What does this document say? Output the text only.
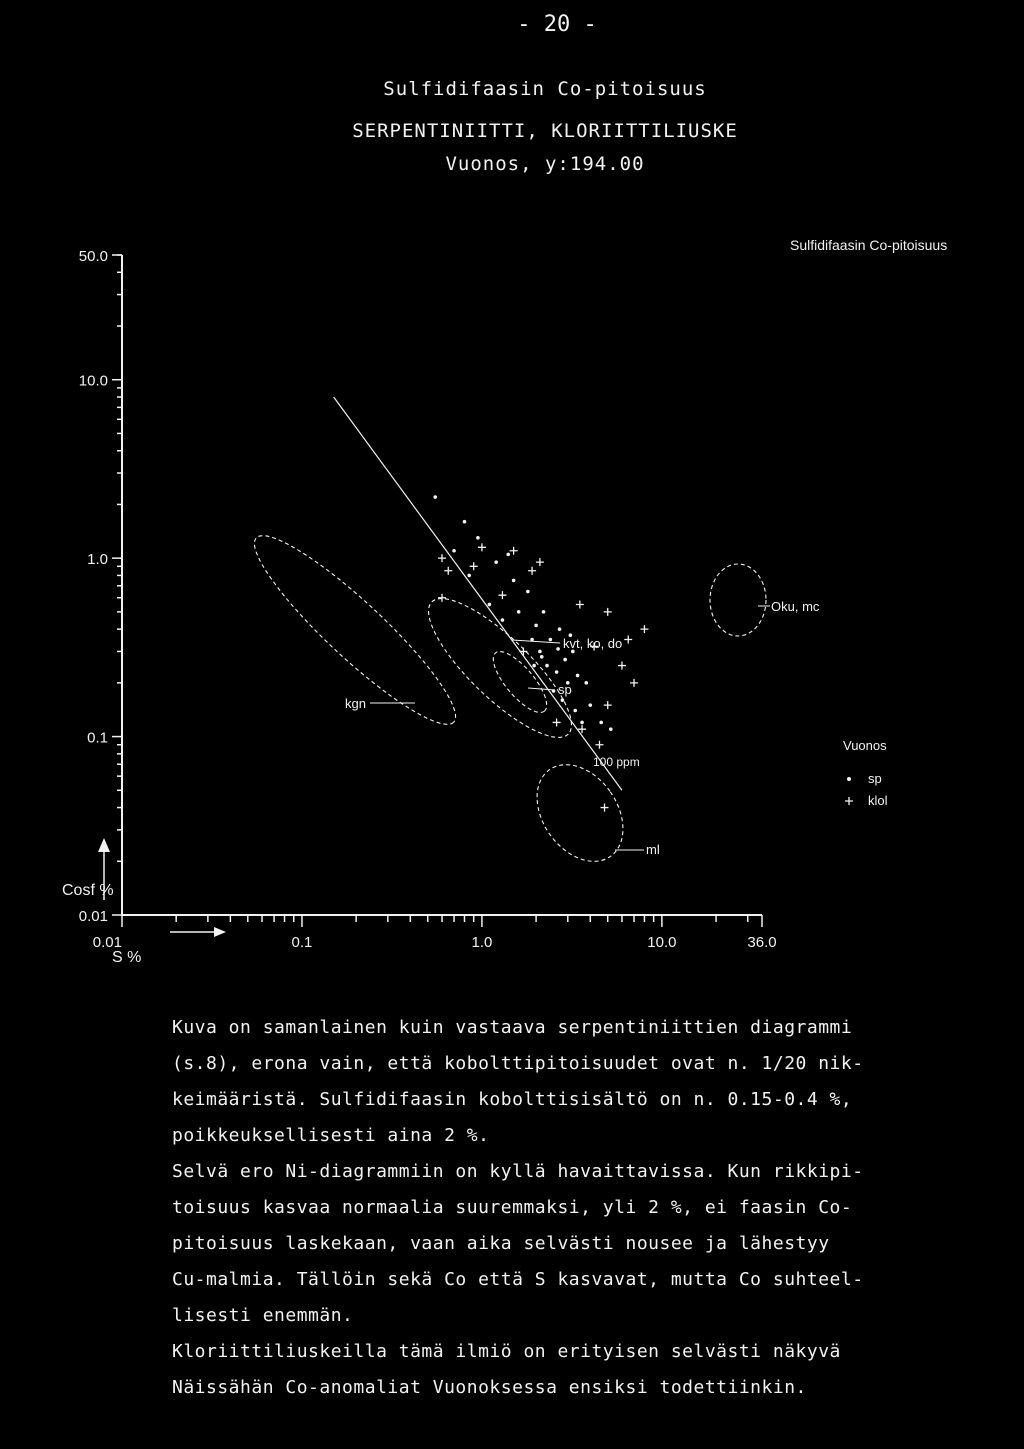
- 20 -
Sulfidifaasin Co-pitoisuus
SERPENTINIITTI, KLORIITTILIUSKE
Vuonos, y:194.00
0.01
0.1
1.0
10.0
50.0
0.01	0.1	1.0	10.0	36.0
Cosf %
S %
Sulfidifaasin Co-pitoisuus
100 ppm
kgn
kvt, ko, do
sp
Oku, mc
ml
Vuonos
sp
klol
Kuva on samanlainen kuin vastaava serpentiniittien diagrammi
(s.8), erona vain, että kobolttipitoisuudet ovat n. 1/20 nik-
keimääristä. Sulfidifaasin kobolttisisältö on n. 0.15-0.4 %,
poikkeuksellisesti aina 2 %.
Selvä ero Ni-diagrammiin on kyllä havaittavissa. Kun rikkipi-
toisuus kasvaa normaalia suuremmaksi, yli 2 %, ei faasin Co-
pitoisuus laskekaan, vaan aika selvästi nousee ja lähestyy
Cu-malmia. Tällöin sekä Co että S kasvavat, mutta Co suhteel-
lisesti enemmän.
Kloriittiliuskeilla tämä ilmiö on erityisen selvästi näkyvä
Näissähän Co-anomaliat Vuonoksessa ensiksi todettiinkin.
